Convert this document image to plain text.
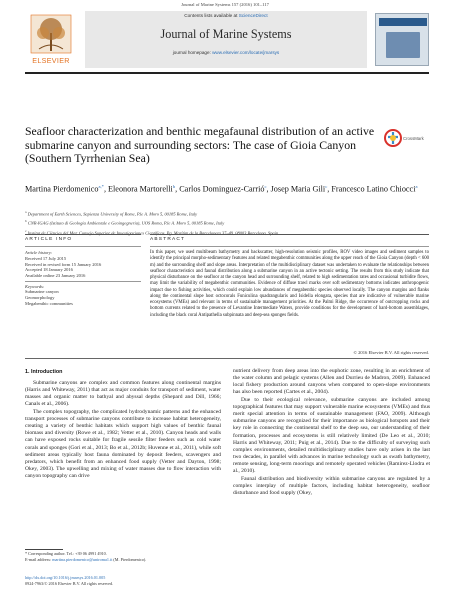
Journal of Marine Systems 157 (2016) 101–117
ELSEVIER
Contents lists available at ScienceDirect
Journal of Marine Systems
journal homepage: www.elsevier.com/locate/jmarsys
Seafloor characterization and benthic megafaunal distribution of an active submarine canyon and surrounding sectors: The case of Gioia Canyon (Southern Tyrrhenian Sea)
CrossMark
Martina Pierdomenico$^{a,*}$, Eleonora Martorelli$^b$, Carlos Dominguez-Carrió$^c$, Josep Maria Gili$^c$, Francesco Latino Chiocci$^a$
$^a$ Department of Earth Sciences, Sapienza University of Rome, P.le A. Moro 5, 00185 Rome, Italy
$^b$ CNR-IGAG (Istituto di Geologia Ambientale e Geoingegneria), UOS Roma, P.le A. Moro 5, 00185 Rome, Italy
$^c$ Institut de Ciències del Mar, Consejo Superior de Investigaciones Científicas, Pg. Marítim de la Barceloneta 37–49, 08003 Barcelona, Spain
ARTICLE INFO	ABSTRACT
Article history:
Received 17 July 2015
Received in revised form 15 January 2016
Accepted 18 January 2016
Available online 23 January 2016
Keywords:
Submarine canyon
Geomorphology
Megabenthic communities
In this paper, we used multibeam bathymetry and backscatter, high-resolution seismic profiles, ROV video images and sediment samples to identify the principal morpho-sedimentary features and related megabenthic communities along the upper reach of the Gioia Canyon (depth < 600 m) and the surrounding shelf and slope areas. Interpretation of the multidisciplinary dataset was undertaken to evaluate the relationships between seafloor characteristics and faunal distribution along a submarine canyon in an active tectonic setting. The results from this study indicate that physical disturbance on the seafloor at the canyon head and surrounding shelf, related to high sedimentation rates and occasional turbidite flows, may limit the variability of megabenthic communities. Evidence of diffuse trawl marks over soft sedimentary bottoms indicates anthropogenic impact due to fishing activities, which could explain low abundances of megabenthic species observed locally. The canyon margins and flanks along the continental slope host octocorals Funiculina quadrangularis and Isidella elongata, species that are indicative of vulnerable marine ecosystems (VMEs) and relevant in terms of sustainable management priorities. At the Palmi Ridge, the occurrence of outcropping rocks and bottom currents related to the presence of Levantine Intermediate Waters, provide conditions for the development of hard-bottom assemblages, including the black coral Antipathella subpinnata and deep-sea sponges fields.
© 2016 Elsevier B.V. All rights reserved.
1. Introduction

Submarine canyons are complex and common features along continental margins (Harris and Whiteway, 2011) that act as major conduits for transport of sediment, water masses and organic matter to bathyal and abyssal depths (Shepard and Dill, 1966; Canals et al., 2006).

The complex topography, the complicated hydrodynamic patterns and the enhanced transport processes of submarine canyons contribute to increase habitat heterogeneity, creating a variety of benthic habitats which support high values of benthic faunal biomass and diversity (Rowe et al., 1982; Vetter et al., 2010). Canyon heads and walls can have exposed rocks suitable for fragile sessile filter feeders such as cold water corals and sponges (Gori et al., 2013; Bo et al., 2012b; Huvenne et al., 2011), while soft sediment areas typically host fauna dominated by deposit feeders, scavengers and predators, which benefit from an enhanced food supply (Vetter and Dayton, 1998; Okey, 2003). The upwelling and mixing of water masses due to flow interaction with canyon topography can drive

nutrient delivery from deep areas into the euphotic zone, resulting in an enrichment of the water column and pelagic systems (Allen and Durrieu de Madron, 2009). Enhanced local fishery production around canyons when compared to open-slope environments has also been reported (Cartes et al., 2004).

Due to their ecological relevance, submarine canyons are included among topographical features that may support vulnerable marine ecosystems (VMEs) and thus merit special attention in terms of sustainable management (FAO, 2009). Although submarine canyons are recognized for their importance as biological hotspots and their key role in connecting the continental shelf to the deep sea, our understanding of their formation, processes and ecosystems is still relatively limited (De Leo et al., 2010; Harris and Whiteway, 2011; Puig et al., 2014). Due to the difficulty of surveying such complex environments, detailed multidisciplinary studies have only arisen in the last two decades, in parallel with advances in marine technology such as swath bathymetry, remote sensing, long-term moorings and remotely operated vehicles (Ramirez-Llodra et al., 2010).

Faunal distribution and biodiversity within submarine canyons are regulated by a complex interplay of multiple factors, including habitat heterogeneity, seafloor disturbance and food supply (Okey,

* Corresponding author. Tel.: +39 06 4991 4910.
E-mail address: martina.pierdomenico@uniroma1.it (M. Pierdomenico).
http://dx.doi.org/10.1016/j.jmarsys.2016.01.005
0924-7963/© 2016 Elsevier B.V. All rights reserved.
